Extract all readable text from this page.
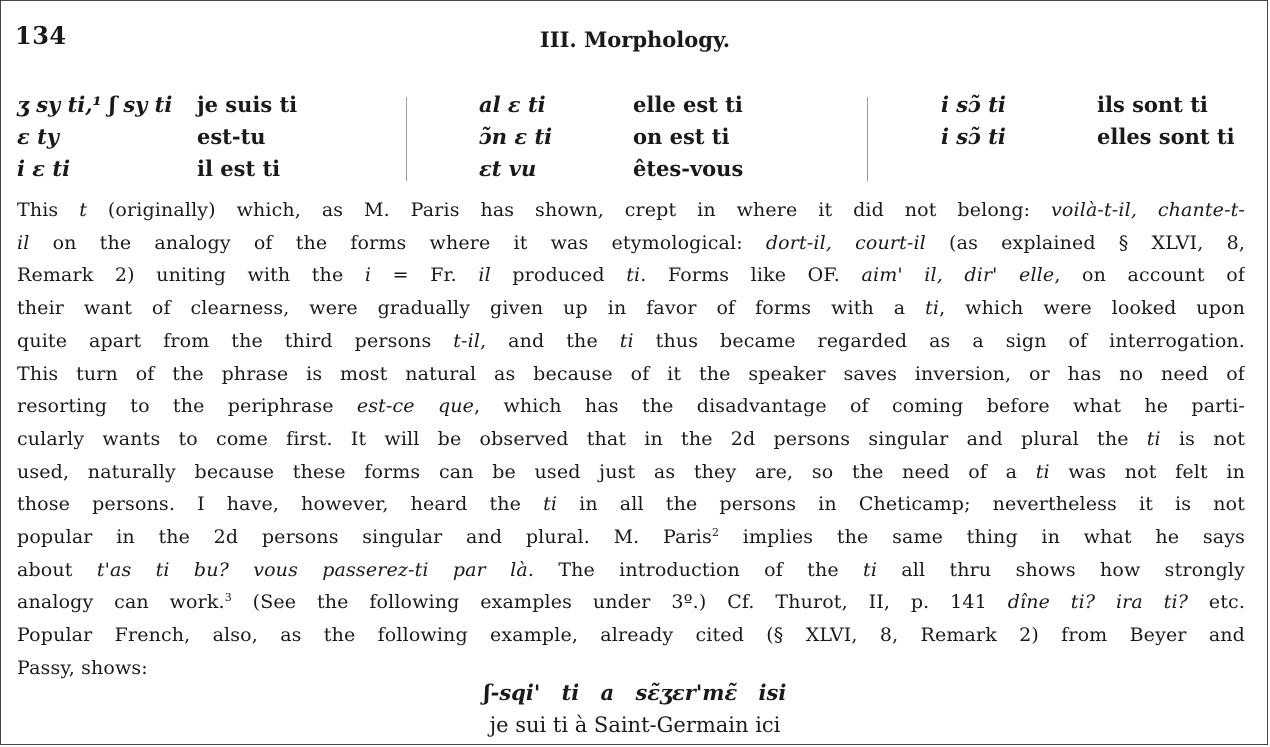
134	III. Morphology.
ʒ sy ti,¹ ʃ sy ti
ɛ ty
i ɛ ti
je suis ti
est-tu
il est ti
al ɛ ti
ɔ̃n ɛ ti
ɛt vu
elle est ti
on est ti
êtes-vous
i sɔ̃ ti
i sɔ̃ ti
ils sont ti
elles sont ti
This t (originally) which, as M. Paris has shown, crept in where it did not belong: voilà-t-il, chante-t-
il on the analogy of the forms where it was etymological: dort-il, court-il (as explained § XLVI, 8,
Remark 2) uniting with the i = Fr. il produced ti. Forms like OF. aim' il, dir' elle, on account of
their want of clearness, were gradually given up in favor of forms with a ti, which were looked upon
quite apart from the third persons t-il, and the ti thus became regarded as a sign of interrogation.
This turn of the phrase is most natural as because of it the speaker saves inversion, or has no need of
resorting to the periphrase est-ce que, which has the disadvantage of coming before what he parti-
cularly wants to come first. It will be observed that in the 2d persons singular and plural the ti is not
used, naturally because these forms can be used just as they are, so the need of a ti was not felt in
those persons. I have, however, heard the ti in all the persons in Cheticamp; nevertheless it is not
popular in the 2d persons singular and plural. M. Paris$^2$ implies the same thing in what he says
about t'as ti bu? vous passerez-ti par là. The introduction of the ti all thru shows how strongly
analogy can work.$^3$ (See the following examples under 3º.) Cf. Thurot, II, p. 141 dîne ti? ira ti? etc.
Popular French, also, as the following example, already cited (§ XLVI, 8, Remark 2) from Beyer and
Passy, shows:
ʃ-sqi' ti a sɛ̃ʒɛr'mɛ̃ isi
je sui ti à Saint-Germain ici
